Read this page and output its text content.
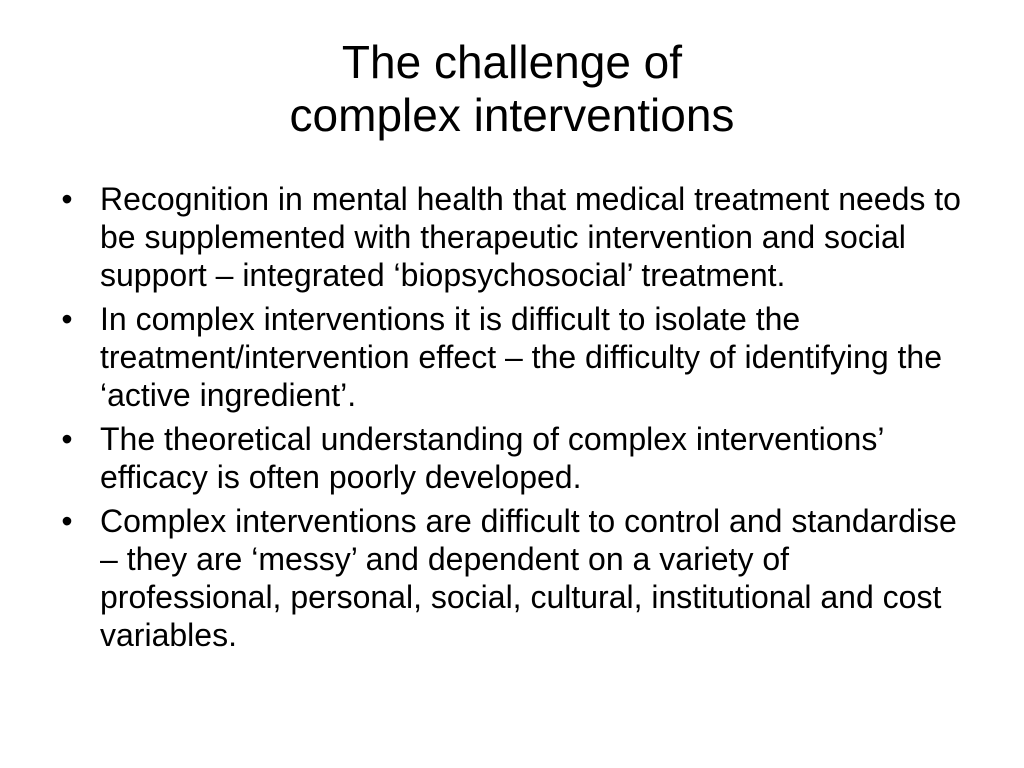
The challenge of
complex interventions
• Recognition in mental health that medical treatment needs to be supplemented with therapeutic intervention and social support – integrated ‘biopsychosocial’ treatment.
• In complex interventions it is difficult to isolate the treatment/intervention effect – the difficulty of identifying the ‘active ingredient’.
• The theoretical understanding of complex interventions’ efficacy is often poorly developed.
• Complex interventions are difficult to control and standardise – they are ‘messy’ and dependent on a variety of professional, personal, social, cultural, institutional and cost variables.
